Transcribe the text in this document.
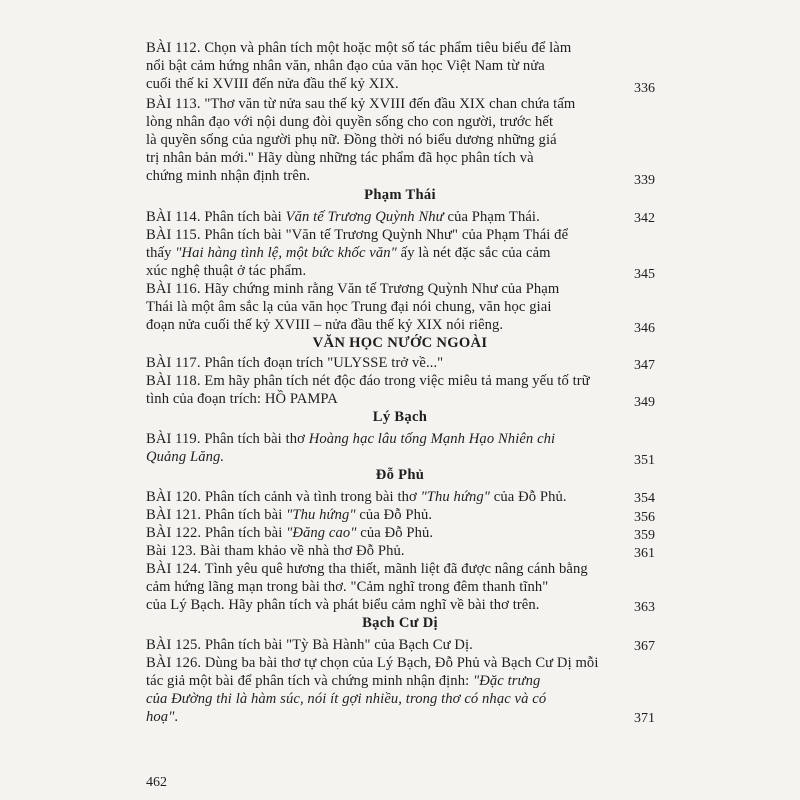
BÀI 112. Chọn và phân tích một hoặc một số tác phẩm tiêu biểu để làm
nổi bật cảm hứng nhân văn, nhân đạo của văn học Việt Nam từ nửa
cuối thế kỉ XVIII đến nửa đầu thế kỷ XIX.	336
BÀI 113. "Thơ văn từ nửa sau thế kỷ XVIII đến đầu XIX chan chứa tấm
lòng nhân đạo với nội dung đòi quyền sống cho con người, trước hết
là quyền sống của người phụ nữ. Đồng thời nó biểu dương những giá
trị nhân bản mới." Hãy dùng những tác phẩm đã học phân tích và
chứng minh nhận định trên.	339
Phạm Thái
BÀI 114. Phân tích bài Văn tế Trương Quỳnh Như của Phạm Thái.	342
BÀI 115. Phân tích bài "Văn tế Trương Quỳnh Như" của Phạm Thái để
thấy "Hai hàng tình lệ, một bức khốc văn" ấy là nét đặc sắc của cảm
xúc nghệ thuật ở tác phẩm.	345
BÀI 116. Hãy chứng minh rằng Văn tế Trương Quỳnh Như của Phạm
Thái là một âm sắc lạ của văn học Trung đại nói chung, văn học giai
đoạn nửa cuối thế kỷ XVIII – nửa đầu thế kỷ XIX nói riêng.	346
VĂN HỌC NƯỚC NGOÀI
BÀI 117. Phân tích đoạn trích "ULYSSE trở về..."	347
BÀI 118. Em hãy phân tích nét độc đáo trong việc miêu tả mang yếu tố trữ
tình của đoạn trích: HỒ PAMPA	349
Lý Bạch
BÀI 119. Phân tích bài thơ Hoàng hạc lâu tống Mạnh Hạo Nhiên chi
Quảng Lăng.	351
Đỗ Phủ
BÀI 120. Phân tích cảnh và tình trong bài thơ "Thu hứng" của Đỗ Phủ.	354
BÀI 121. Phân tích bài "Thu hứng" của Đỗ Phủ.	356
BÀI 122. Phân tích bài "Đăng cao" của Đỗ Phủ.	359
Bài 123. Bài tham khảo về nhà thơ Đỗ Phủ.	361
BÀI 124. Tình yêu quê hương tha thiết, mãnh liệt đã được nâng cánh bằng
cảm hứng lãng mạn trong bài thơ. "Cảm nghĩ trong đêm thanh tĩnh"
của Lý Bạch. Hãy phân tích và phát biểu cảm nghĩ về bài thơ trên.	363
Bạch Cư Dị
BÀI 125. Phân tích bài "Tỳ Bà Hành" của Bạch Cư Dị.	367
BÀI 126. Dùng ba bài thơ tự chọn của Lý Bạch, Đỗ Phủ và Bạch Cư Dị mỗi
tác giả một bài để phân tích và chứng minh nhận định: "Đặc trưng
của Đường thi là hàm súc, nói ít gợi nhiều, trong thơ có nhạc và có
hoạ".	371
462
